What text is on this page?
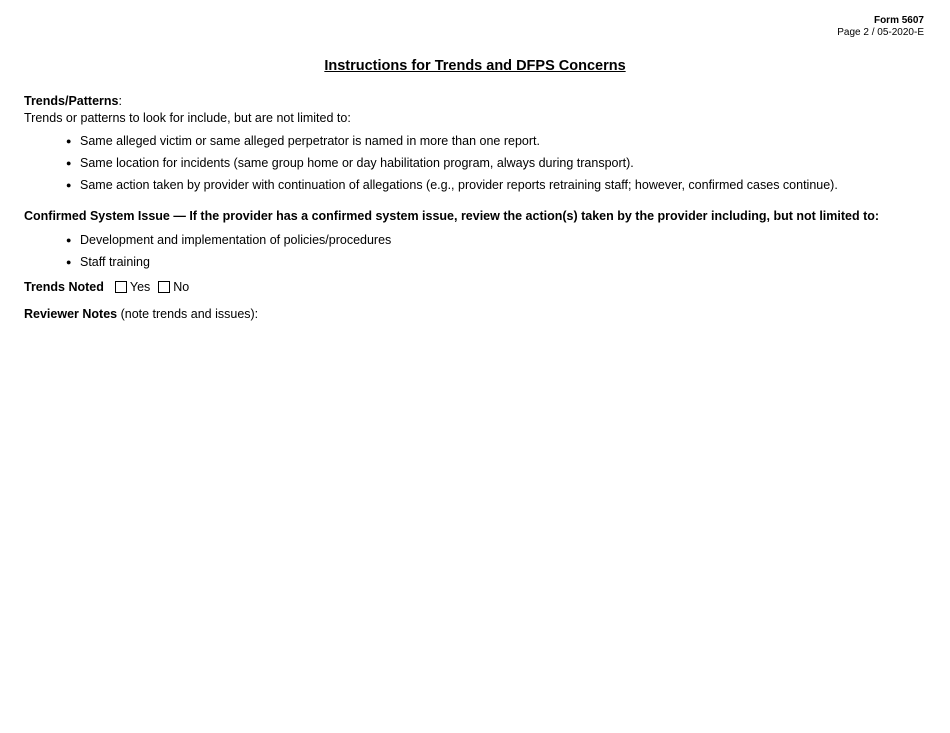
Form 5607
Page 2 / 05-2020-E
Instructions for Trends and DFPS Concerns

Trends/Patterns:

Trends or patterns to look for include, but are not limited to:

● Same alleged victim or same alleged perpetrator is named in more than one report.
● Same location for incidents (same group home or day habilitation program, always during transport).
● Same action taken by provider with continuation of allegations (e.g., provider reports retraining staff; however, confirmed cases continue).

Confirmed System Issue — If the provider has a confirmed system issue, review the action(s) taken by the provider including, but not limited to:

● Development and implementation of policies/procedures
● Staff training
Trends Noted Yes No

Reviewer Notes (note trends and issues):
